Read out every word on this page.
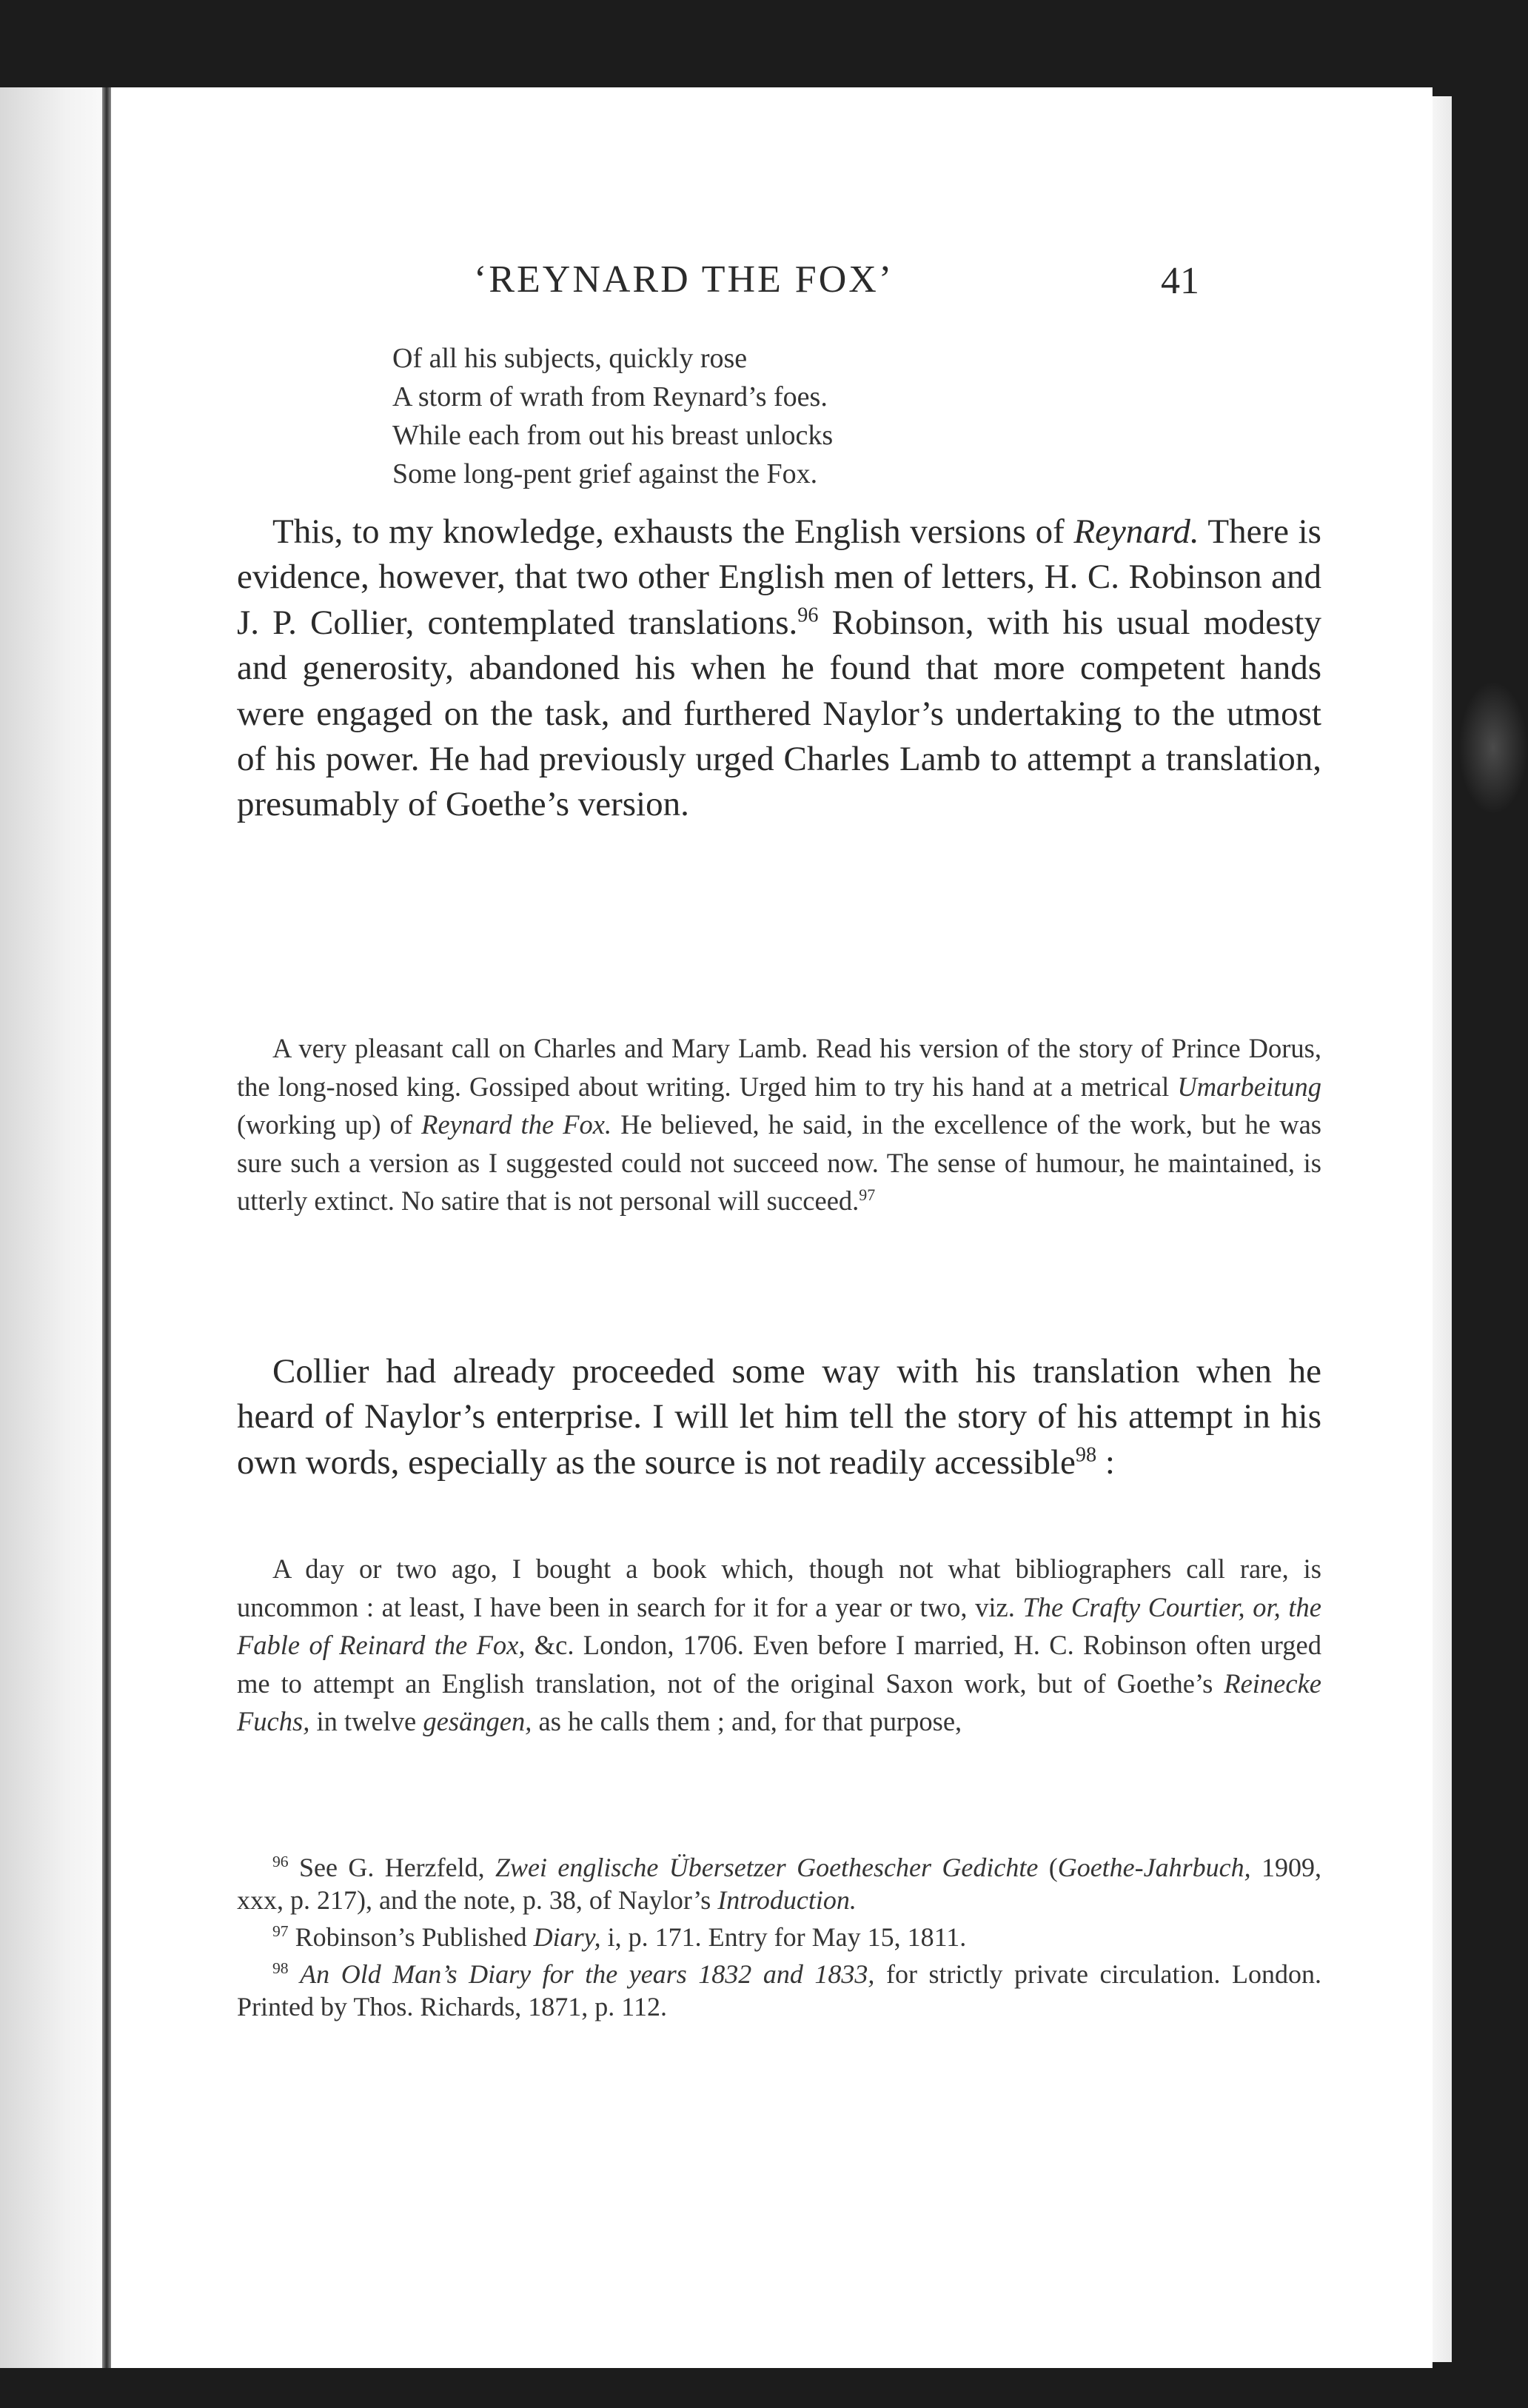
‘REYNARD THE FOX’	41
Of all his subjects, quickly rose
A storm of wrath from Reynard’s foes.
While each from out his breast unlocks
Some long-pent grief against the Fox.

This, to my knowledge, exhausts the English versions of Reynard. There is evidence, however, that two other English men of letters, H. C. Robinson and J. P. Collier, contemplated translations.$^{96}$ Robinson, with his usual modesty and generosity, abandoned his when he found that more competent hands were engaged on the task, and furthered Naylor’s undertaking to the utmost of his power. He had previously urged Charles Lamb to attempt a translation, presumably of Goethe’s version.

A very pleasant call on Charles and Mary Lamb. Read his version of the story of Prince Dorus, the long-nosed king. Gossiped about writing. Urged him to try his hand at a metrical Umarbeitung (working up) of Reynard the Fox. He believed, he said, in the excellence of the work, but he was sure such a version as I suggested could not succeed now. The sense of humour, he maintained, is utterly extinct. No satire that is not personal will succeed.$^{97}$

Collier had already proceeded some way with his translation when he heard of Naylor’s enterprise. I will let him tell the story of his attempt in his own words, especially as the source is not readily accessible$^{98}$ :

A day or two ago, I bought a book which, though not what bibliographers call rare, is uncommon : at least, I have been in search for it for a year or two, viz. The Crafty Courtier, or, the Fable of Reinard the Fox, &c. London, 1706. Even before I married, H. C. Robinson often urged me to attempt an English translation, not of the original Saxon work, but of Goethe’s Reinecke Fuchs, in twelve gesängen, as he calls them ; and, for that purpose,

$^{96}$ See G. Herzfeld, Zwei englische Übersetzer Goethescher Gedichte (Goethe-Jahrbuch, 1909, xxx, p. 217), and the note, p. 38, of Naylor’s Introduction.

$^{97}$ Robinson’s Published Diary, i, p. 171. Entry for May 15, 1811.

$^{98}$ An Old Man’s Diary for the years 1832 and 1833, for strictly private circulation. London. Printed by Thos. Richards, 1871, p. 112.
